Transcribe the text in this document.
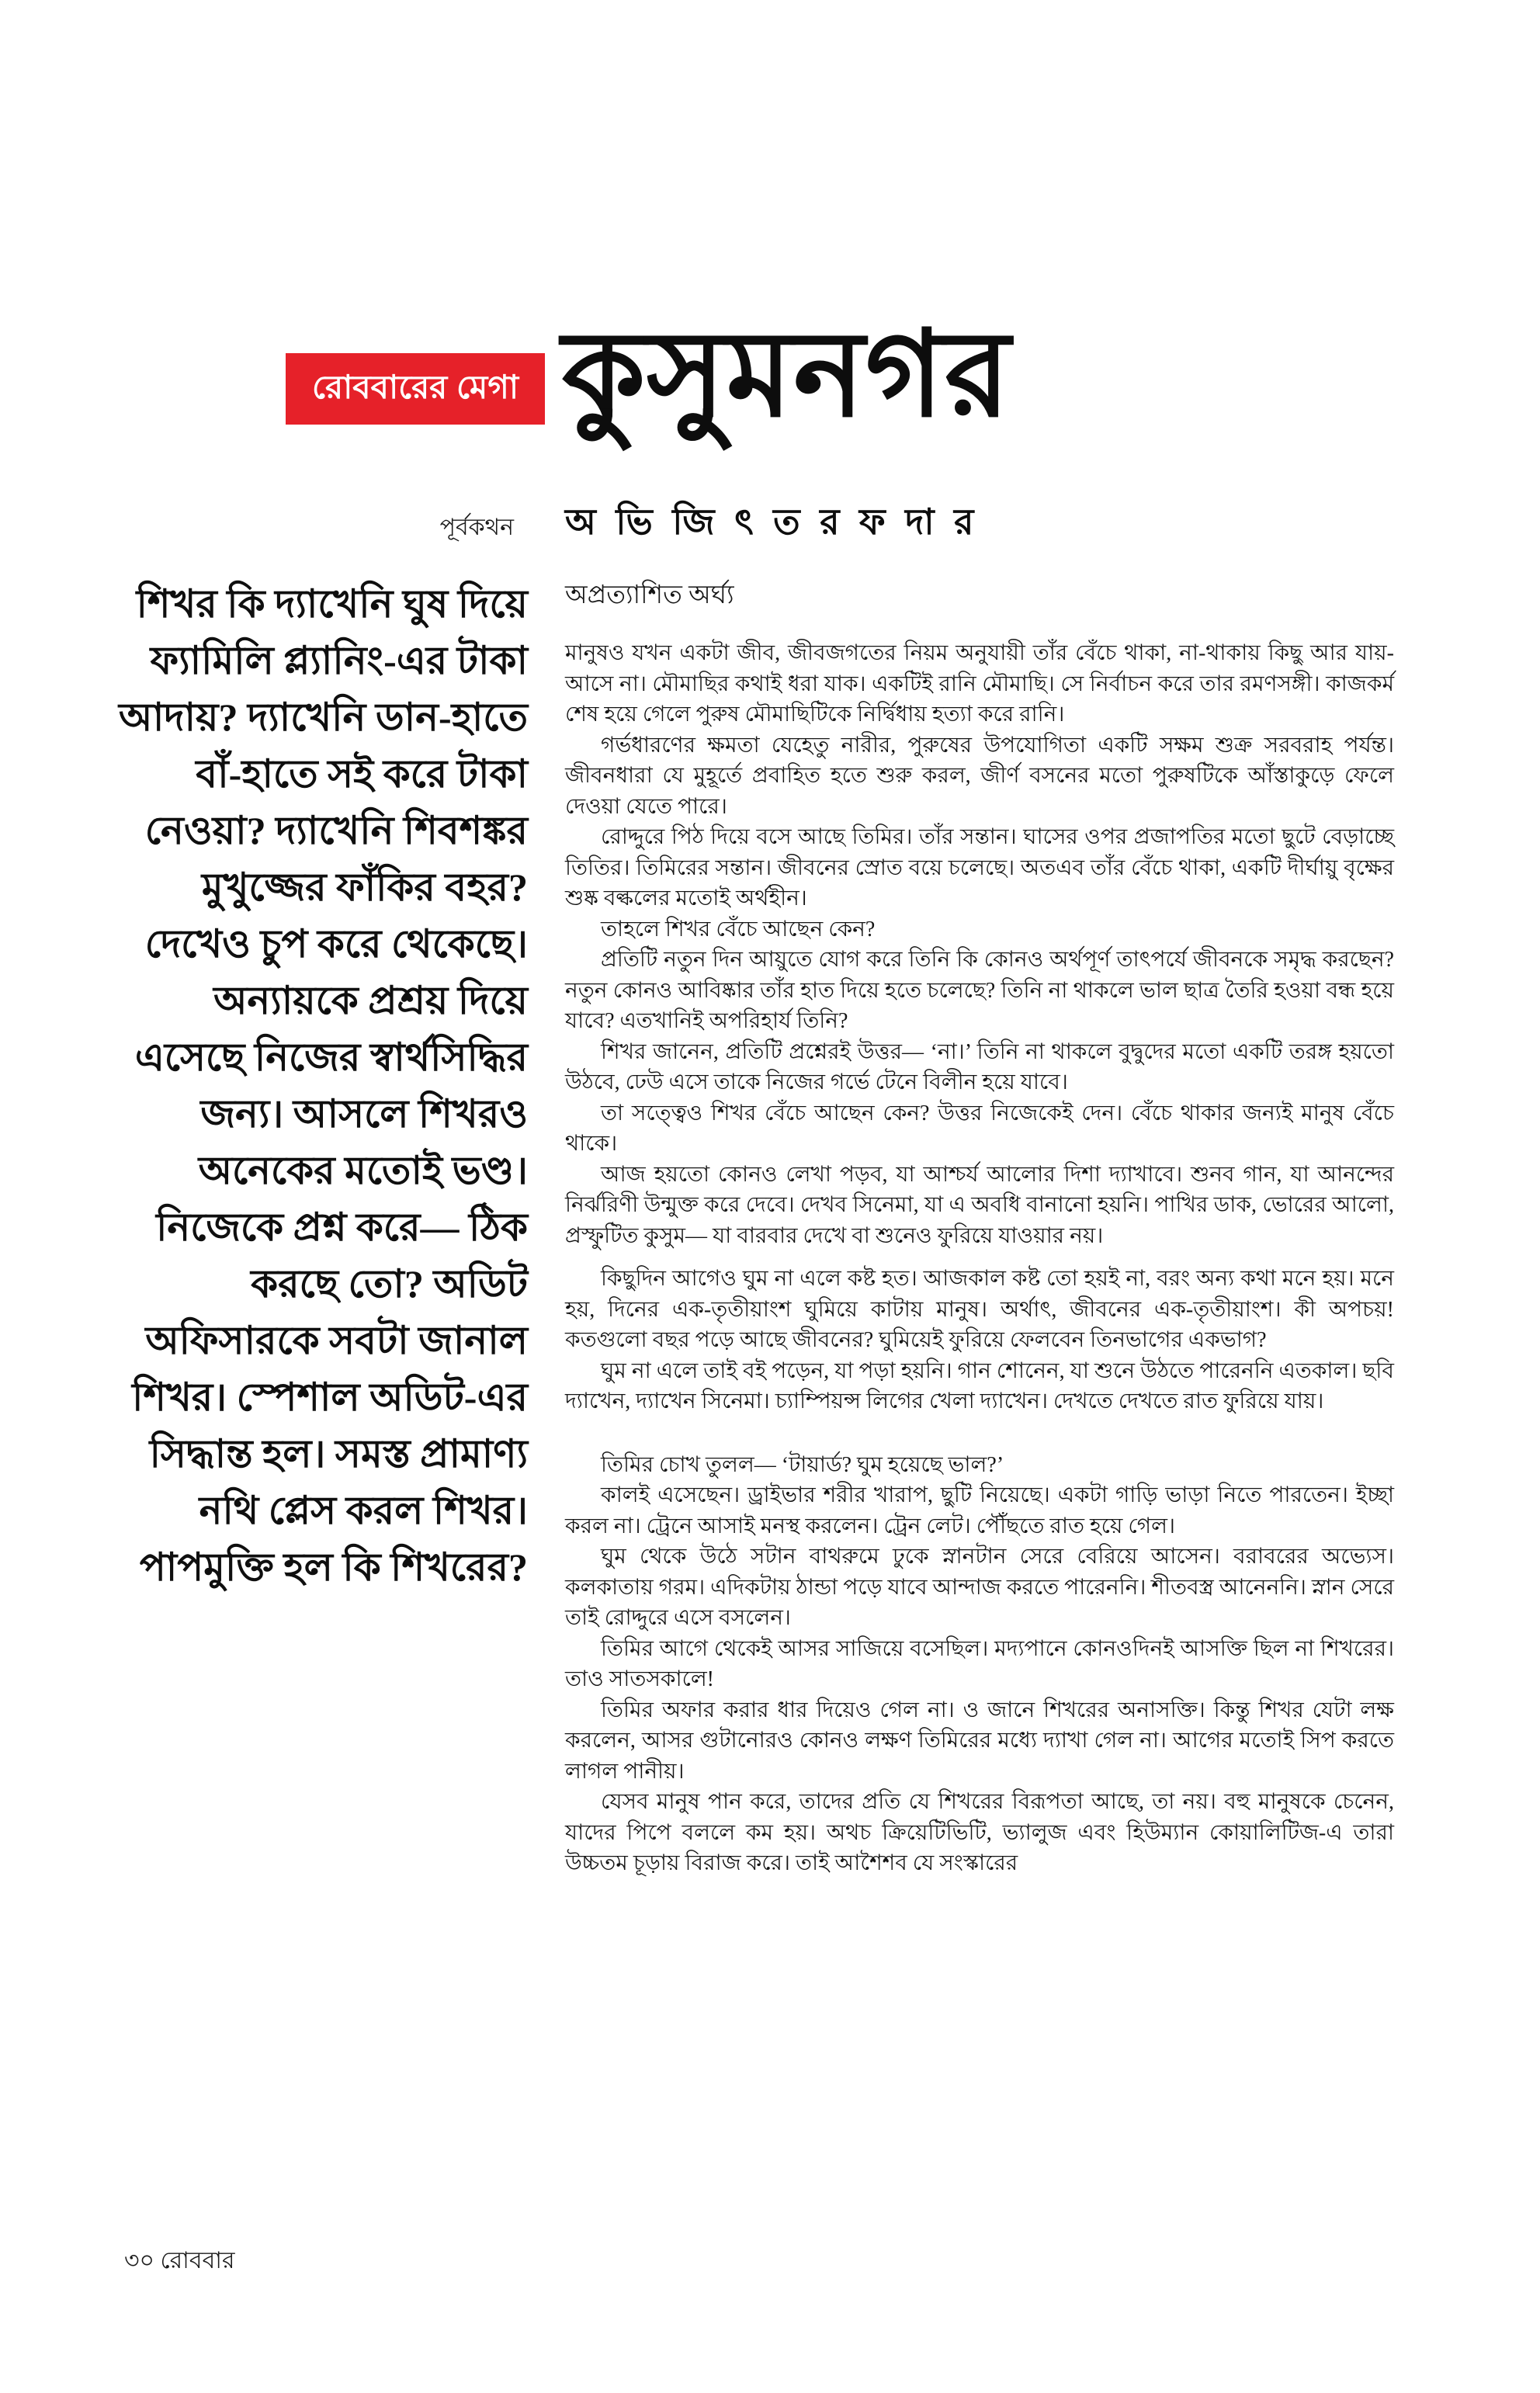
রোববারের মেগা কুসুমনগর
পূর্বকথন অ ভি জি ৎ ত র ফ দা র
অপ্রত্যাশিত অর্ঘ্য
শিখর কি দ্যাখেনি ঘুষ দিয়ে ফ্যামিলি প্ল্যানিং-এর টাকা আদায়? দ্যাখেনি ডান-হাতে বাঁ-হাতে সই করে টাকা নেওয়া? দ্যাখেনি শিবশঙ্কর মুখুজ্জের ফাঁকির বহর? দেখেও চুপ করে থেকেছে। অন্যায়কে প্রশ্রয় দিয়ে এসেছে নিজের স্বার্থসিদ্ধির জন্য। আসলে শিখরও অনেকের মতোই ভণ্ড। নিজেকে প্রশ্ন করে— ঠিক করছে তো? অডিট অফিসারকে সবটা জানাল শিখর। স্পেশাল অডিট-এর সিদ্ধান্ত হল। সমস্ত প্রামাণ্য নথি প্লেস করল শিখর। পাপমুক্তি হল কি শিখরের?

মানুষও যখন একটা জীব, জীবজগতের নিয়ম অনুযায়ী তাঁর বেঁচে থাকা, না-থাকায় কিছু আর যায়-আসে না। মৌমাছির কথাই ধরা যাক। একটিই রানি মৌমাছি। সে নির্বাচন করে তার রমণসঙ্গী। কাজকর্ম শেষ হয়ে গেলে পুরুষ মৌমাছিটিকে নির্দ্বিধায় হত্যা করে রানি।

গর্ভধারণের ক্ষমতা যেহেতু নারীর, পুরুষের উপযোগিতা একটি সক্ষম শুক্র সরবরাহ পর্যন্ত। জীবনধারা যে মুহূর্তে প্রবাহিত হতে শুরু করল, জীর্ণ বসনের মতো পুরুষটিকে আঁস্তাকুড়ে ফেলে দেওয়া যেতে পারে।

রোদ্দুরে পিঠ দিয়ে বসে আছে তিমির। তাঁর সন্তান। ঘাসের ওপর প্রজাপতির মতো ছুটে বেড়াচ্ছে তিতির। তিমিরের সন্তান। জীবনের স্রোত বয়ে চলেছে। অতএব তাঁর বেঁচে থাকা, একটি দীর্ঘায়ু বৃক্ষের শুষ্ক বল্কলের মতোই অর্থহীন।

তাহলে শিখর বেঁচে আছেন কেন?

প্রতিটি নতুন দিন আয়ুতে যোগ করে তিনি কি কোনও অর্থপূর্ণ তাৎপর্যে জীবনকে সমৃদ্ধ করছেন? নতুন কোনও আবিষ্কার তাঁর হাত দিয়ে হতে চলেছে? তিনি না থাকলে ভাল ছাত্র তৈরি হওয়া বন্ধ হয়ে যাবে? এতখানিই অপরিহার্য তিনি?

শিখর জানেন, প্রতিটি প্রশ্নেরই উত্তর— ‘না।’ তিনি না থাকলে বুদ্বুদের মতো একটি তরঙ্গ হয়তো উঠবে, ঢেউ এসে তাকে নিজের গর্ভে টেনে বিলীন হয়ে যাবে।

তা সত্ত্বেও শিখর বেঁচে আছেন কেন? উত্তর নিজেকেই দেন। বেঁচে থাকার জন্যই মানুষ বেঁচে থাকে।

আজ হয়তো কোনও লেখা পড়ব, যা আশ্চর্য আলোর দিশা দ্যাখাবে। শুনব গান, যা আনন্দের নির্ঝরিণী উন্মুক্ত করে দেবে। দেখব সিনেমা, যা এ অবধি বানানো হয়নি। পাখির ডাক, ভোরের আলো, প্রস্ফুটিত কুসুম— যা বারবার দেখে বা শুনেও ফুরিয়ে যাওয়ার নয়।

কিছুদিন আগেও ঘুম না এলে কষ্ট হত। আজকাল কষ্ট তো হয়ই না, বরং অন্য কথা মনে হয়। মনে হয়, দিনের এক-তৃতীয়াংশ ঘুমিয়ে কাটায় মানুষ। অর্থাৎ, জীবনের এক-তৃতীয়াংশ। কী অপচয়! কতগুলো বছর পড়ে আছে জীবনের? ঘুমিয়েই ফুরিয়ে ফেলবেন তিনভাগের একভাগ?

ঘুম না এলে তাই বই পড়েন, যা পড়া হয়নি। গান শোনেন, যা শুনে উঠতে পারেননি এতকাল। ছবি দ্যাখেন, দ্যাখেন সিনেমা। চ্যাম্পিয়ন্স লিগের খেলা দ্যাখেন। দেখতে দেখতে রাত ফুরিয়ে যায়।

তিমির চোখ তুলল— ‘টায়ার্ড? ঘুম হয়েছে ভাল?’

কালই এসেছেন। ড্রাইভার শরীর খারাপ, ছুটি নিয়েছে। একটা গাড়ি ভাড়া নিতে পারতেন। ইচ্ছা করল না। ট্রেনে আসাই মনস্থ করলেন। ট্রেন লেট। পৌঁছতে রাত হয়ে গেল।

ঘুম থেকে উঠে সটান বাথরুমে ঢুকে স্নানটান সেরে বেরিয়ে আসেন। বরাবরের অভ্যেস। কলকাতায় গরম। এদিকটায় ঠান্ডা পড়ে যাবে আন্দাজ করতে পারেননি। শীতবস্ত্র আনেননি। স্নান সেরে তাই রোদ্দুরে এসে বসলেন।

তিমির আগে থেকেই আসর সাজিয়ে বসেছিল। মদ্যপানে কোনওদিনই আসক্তি ছিল না শিখরের। তাও সাতসকালে!

তিমির অফার করার ধার দিয়েও গেল না। ও জানে শিখরের অনাসক্তি। কিন্তু শিখর যেটা লক্ষ করলেন, আসর গুটানোরও কোনও লক্ষণ তিমিরের মধ্যে দ্যাখা গেল না। আগের মতোই সিপ করতে লাগল পানীয়।

যেসব মানুষ পান করে, তাদের প্রতি যে শিখরের বিরূপতা আছে, তা নয়। বহু মানুষকে চেনেন, যাদের পিপে বললে কম হয়। অথচ ক্রিয়েটিভিটি, ভ্যালুজ এবং হিউম্যান কোয়ালিটিজ-এ তারা উচ্চতম চূড়ায় বিরাজ করে। তাই আশৈশব যে সংস্কারের

৩০ রোববার
